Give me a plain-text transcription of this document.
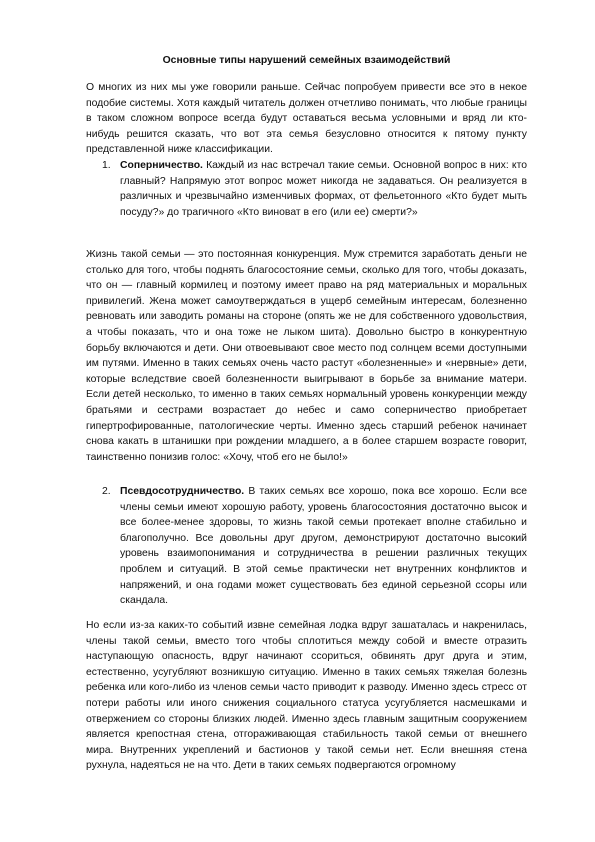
Основные типы нарушений семейных взаимодействий

О многих из них мы уже говорили раньше. Сейчас попробуем привести все это в некое подобие системы. Хотя каждый читатель должен отчетливо понимать, что любые границы в таком сложном вопросе всегда будут оставаться весьма условными и вряд ли кто-нибудь решится сказать, что вот эта семья безусловно относится к пятому пункту представленной ниже классификации.

1. Соперничество. Каждый из нас встречал такие семьи. Основной вопрос в них: кто главный? Напрямую этот вопрос может никогда не задаваться. Он реализуется в различных и чрезвычайно изменчивых формах, от фельетонного «Кто будет мыть посуду?» до трагичного «Кто виноват в его (или ее) смерти?»

Жизнь такой семьи — это постоянная конкуренция. Муж стремится заработать деньги не столько для того, чтобы поднять благосостояние семьи, сколько для того, чтобы доказать, что он — главный кормилец и поэтому имеет право на ряд материальных и моральных привилегий. Жена может самоутверждаться в ущерб семейным интересам, болезненно ревновать или заводить романы на стороне (опять же не для собственного удовольствия, а чтобы показать, что и она тоже не лыком шита). Довольно быстро в конкурентную борьбу включаются и дети. Они отвоевывают свое место под солнцем всеми доступными им путями. Именно в таких семьях очень часто растут «болезненные» и «нервные» дети, которые вследствие своей болезненности выигрывают в борьбе за внимание матери. Если детей несколько, то именно в таких семьях нормальный уровень конкуренции между братьями и сестрами возрастает до небес и само соперничество приобретает гипертрофированные, патологические черты. Именно здесь старший ребенок начинает снова какать в штанишки при рождении младшего, а в более старшем возрасте говорит, таинственно понизив голос: «Хочу, чтоб его не было!»

2. Псевдосотрудничество. В таких семьях все хорошо, пока все хорошо. Если все члены семьи имеют хорошую работу, уровень благосостояния достаточно высок и все более-менее здоровы, то жизнь такой семьи протекает вполне стабильно и благополучно. Все довольны друг другом, демонстрируют достаточно высокий уровень взаимопонимания и сотрудничества в решении различных текущих проблем и ситуаций. В этой семье практически нет внутренних конфликтов и напряжений, и она годами может существовать без единой серьезной ссоры или скандала.

Но если из-за каких-то событий извне семейная лодка вдруг зашаталась и накренилась, члены такой семьи, вместо того чтобы сплотиться между собой и вместе отразить наступающую опасность, вдруг начинают ссориться, обвинять друг друга и этим, естественно, усугубляют возникшую ситуацию. Именно в таких семьях тяжелая болезнь ребенка или кого-либо из членов семьи часто приводит к разводу. Именно здесь стресс от потери работы или иного снижения социального статуса усугубляется насмешками и отвержением со стороны близких людей. Именно здесь главным защитным сооружением является крепостная стена, отгораживающая стабильность такой семьи от внешнего мира. Внутренних укреплений и бастионов у такой семьи нет. Если внешняя стена рухнула, надеяться не на что. Дети в таких семьях подвергаются огромному
